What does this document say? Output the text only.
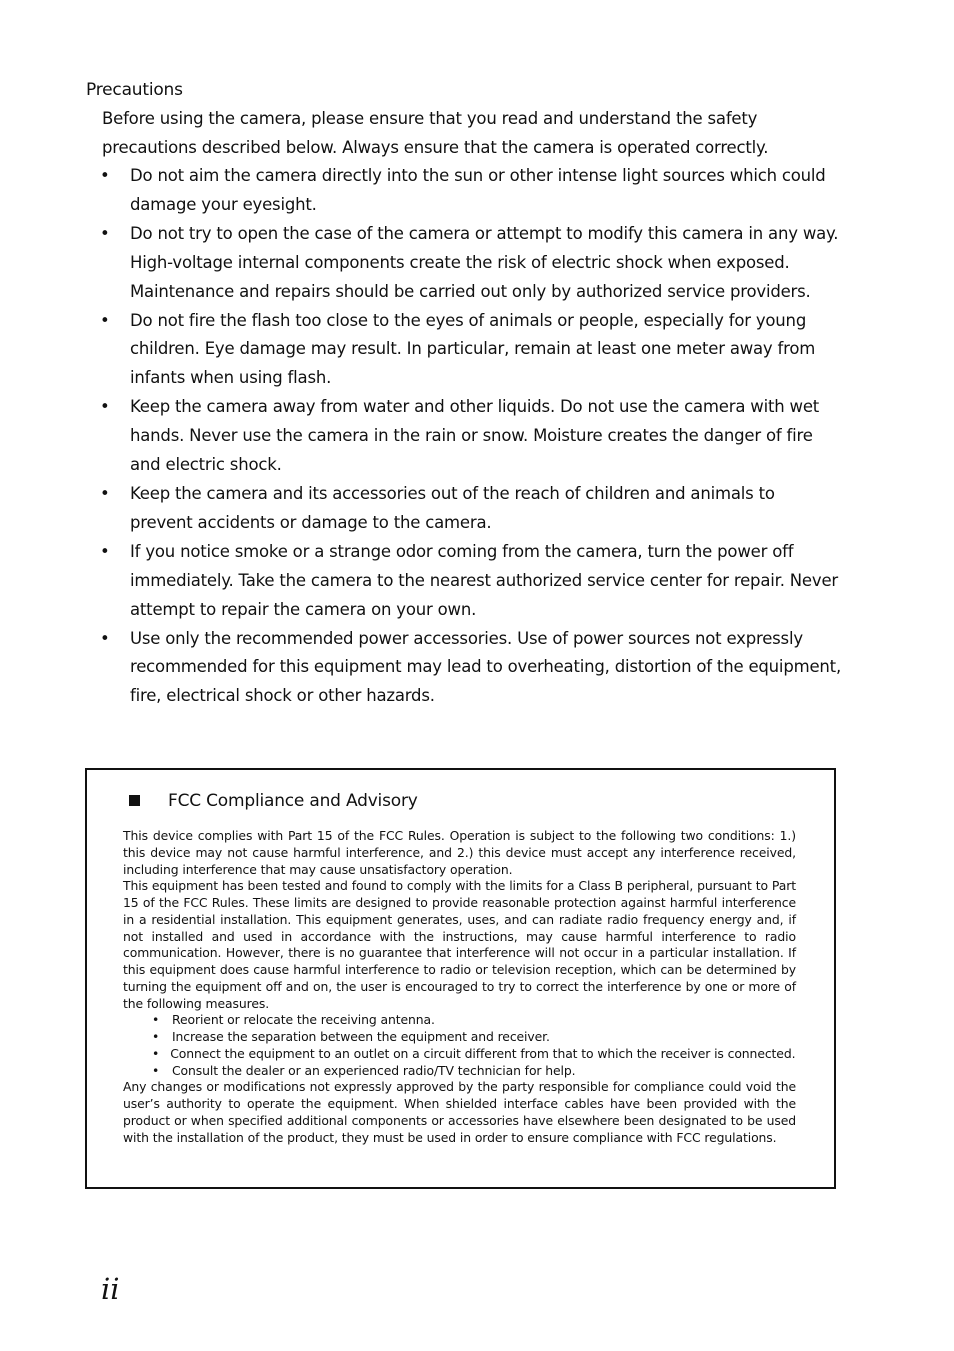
Precautions
Before using the camera, please ensure that you read and understand the safety precautions described below. Always ensure that the camera is operated correctly.
•	Do not aim the camera directly into the sun or other intense light sources which could damage your eyesight.
•	Do not try to open the case of the camera or attempt to modify this camera in any way. High-voltage internal components create the risk of electric shock when exposed. Maintenance and repairs should be carried out only by authorized service providers.
•	Do not fire the flash too close to the eyes of animals or people, especially for young children. Eye damage may result. In particular, remain at least one meter away from infants when using flash.
•	Keep the camera away from water and other liquids. Do not use the camera with wet hands. Never use the camera in the rain or snow. Moisture creates the danger of fire and electric shock.
•	Keep the camera and its accessories out of the reach of children and animals to prevent accidents or damage to the camera.
•	If you notice smoke or a strange odor coming from the camera, turn the power off immediately. Take the camera to the nearest authorized service center for repair. Never attempt to repair the camera on your own.
•	Use only the recommended power accessories. Use of power sources not expressly recommended for this equipment may lead to overheating, distortion of the equipment, fire, electrical shock or other hazards.
FCC Compliance and Advisory

This device complies with Part 15 of the FCC Rules. Operation is subject to the following two conditions: 1.) this device may not cause harmful interference, and 2.) this device must accept any interference received, including interference that may cause unsatisfactory operation.

This equipment has been tested and found to comply with the limits for a Class B peripheral, pursuant to Part 15 of the FCC Rules. These limits are designed to provide reasonable protection against harmful interference in a residential installation. This equipment generates, uses, and can radiate radio frequency energy and, if not installed and used in accordance with the instructions, may cause harmful interference to radio communication. However, there is no guarantee that interference will not occur in a particular installation. If this equipment does cause harmful interference to radio or television reception, which can be determined by turning the equipment off and on, the user is encouraged to try to correct the interference by one or more of the following measures.

• Reorient or relocate the receiving antenna.
• Increase the separation between the equipment and receiver.
• Connect the equipment to an outlet on a circuit different from that to which the receiver is connected.
• Consult the dealer or an experienced radio/TV technician for help.

Any changes or modifications not expressly approved by the party responsible for compliance could void the user’s authority to operate the equipment. When shielded interface cables have been provided with the product or when specified additional components or accessories have elsewhere been designated to be used with the installation of the product, they must be used in order to ensure compliance with FCC regulations.

ii
